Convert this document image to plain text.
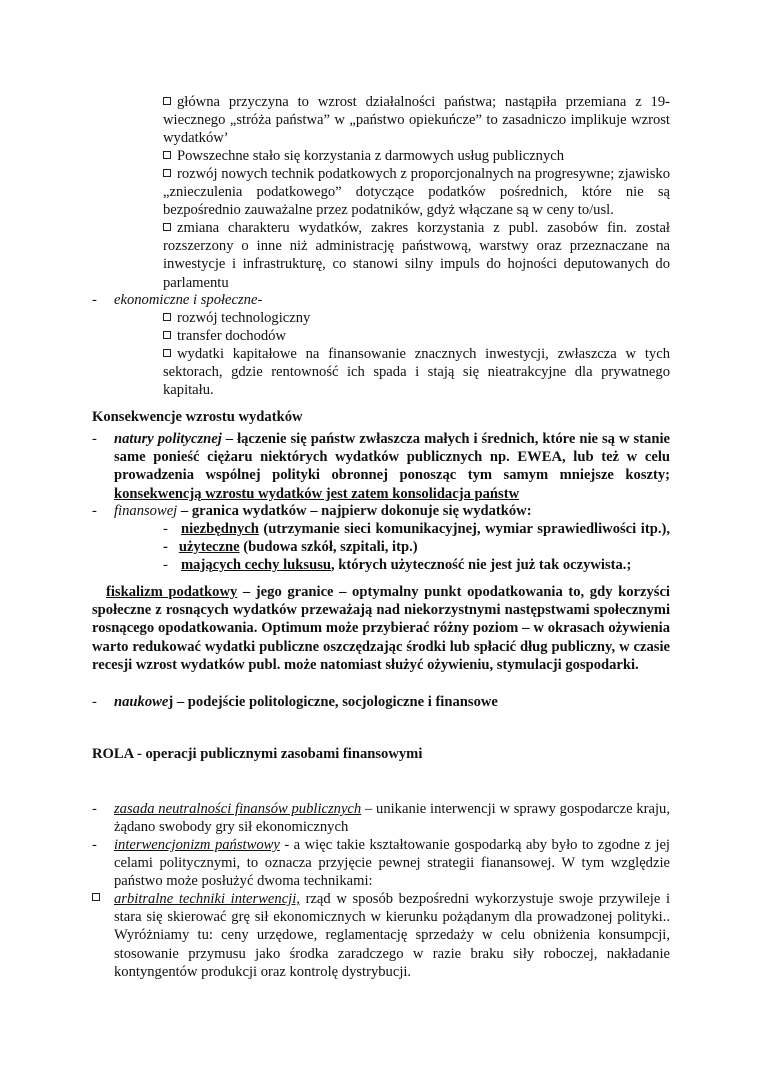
główna przyczyna to wzrost działalności państwa; nastąpiła przemiana z 19-wiecznego „stróża państwa” w „państwo opiekuńcze” to zasadniczo implikuje wzrost wydatków’
Powszechne stało się korzystania z darmowych usług publicznych
rozwój nowych technik podatkowych z proporcjonalnych na progresywne; zjawisko „znieczulenia podatkowego” dotyczące podatków pośrednich, które nie są bezpośrednio zauważalne przez podatników, gdyż włączane są w ceny to/usl.
zmiana charakteru wydatków, zakres korzystania z publ. zasobów fin. został rozszerzony o inne niż administrację państwową, warstwy oraz przeznaczane na inwestycje i infrastrukturę, co stanowi silny impuls do hojności deputowanych do parlamentu
- ekonomiczne i społeczne-
rozwój technologiczny
transfer dochodów
wydatki kapitałowe na finansowanie znacznych inwestycji, zwłaszcza w tych sektorach, gdzie rentowność ich spada i stają się nieatrakcyjne dla prywatnego kapitału.
Konsekwencje wzrostu wydatków
- natury politycznej – łączenie się państw zwłaszcza małych i średnich, które nie są w stanie same ponieść ciężaru niektórych wydatków publicznych np. EWEA, lub też w celu prowadzenia wspólnej polityki obronnej ponosząc tym samym mniejsze koszty; konsekwencją wzrostu wydatków jest zatem konsolidacja państw
- finansowej – granica wydatków – najpierw dokonuje się wydatków:
- niezbędnych (utrzymanie sieci komunikacyjnej, wymiar sprawiedliwości itp.), - użyteczne (budowa szkół, szpitali, itp.)
- mających cechy luksusu, których użyteczność nie jest już tak oczywista.;
fiskalizm podatkowy – jego granice – optymalny punkt opodatkowania to, gdy korzyści społeczne z rosnących wydatków przeważają nad niekorzystnymi następstwami społecznymi rosnącego opodatkowania. Optimum może przybierać różny poziom – w okrasach ożywienia warto redukować wydatki publiczne oszczędzając środki lub spłacić dług publiczny, w czasie recesji wzrost wydatków publ. może natomiast służyć ożywieniu, stymulacji gospodarki.
- naukowej – podejście politologiczne, socjologiczne i finansowe
ROLA - operacji publicznymi zasobami finansowymi
- zasada neutralności finansów publicznych – unikanie interwencji w sprawy gospodarcze kraju, żądano swobody gry sił ekonomicznych
- interwencjonizm państwowy - a więc takie kształtowanie gospodarką aby było to zgodne z jej celami politycznymi, to oznacza przyjęcie pewnej strategii fianansowej. W tym względzie państwo może posłużyć dwoma technikami:
arbitralne techniki interwencji, rząd w sposób bezpośredni wykorzystuje swoje przywileje i stara się skierować grę sił ekonomicznych w kierunku pożądanym dla prowadzonej polityki.. Wyróżniamy tu: ceny urzędowe, reglamentację sprzedaży w celu obniżenia konsumpcji, stosowanie przymusu jako środka zaradczego w razie braku siły roboczej, nakładanie kontyngentów produkcji oraz kontrolę dystrybucji.
